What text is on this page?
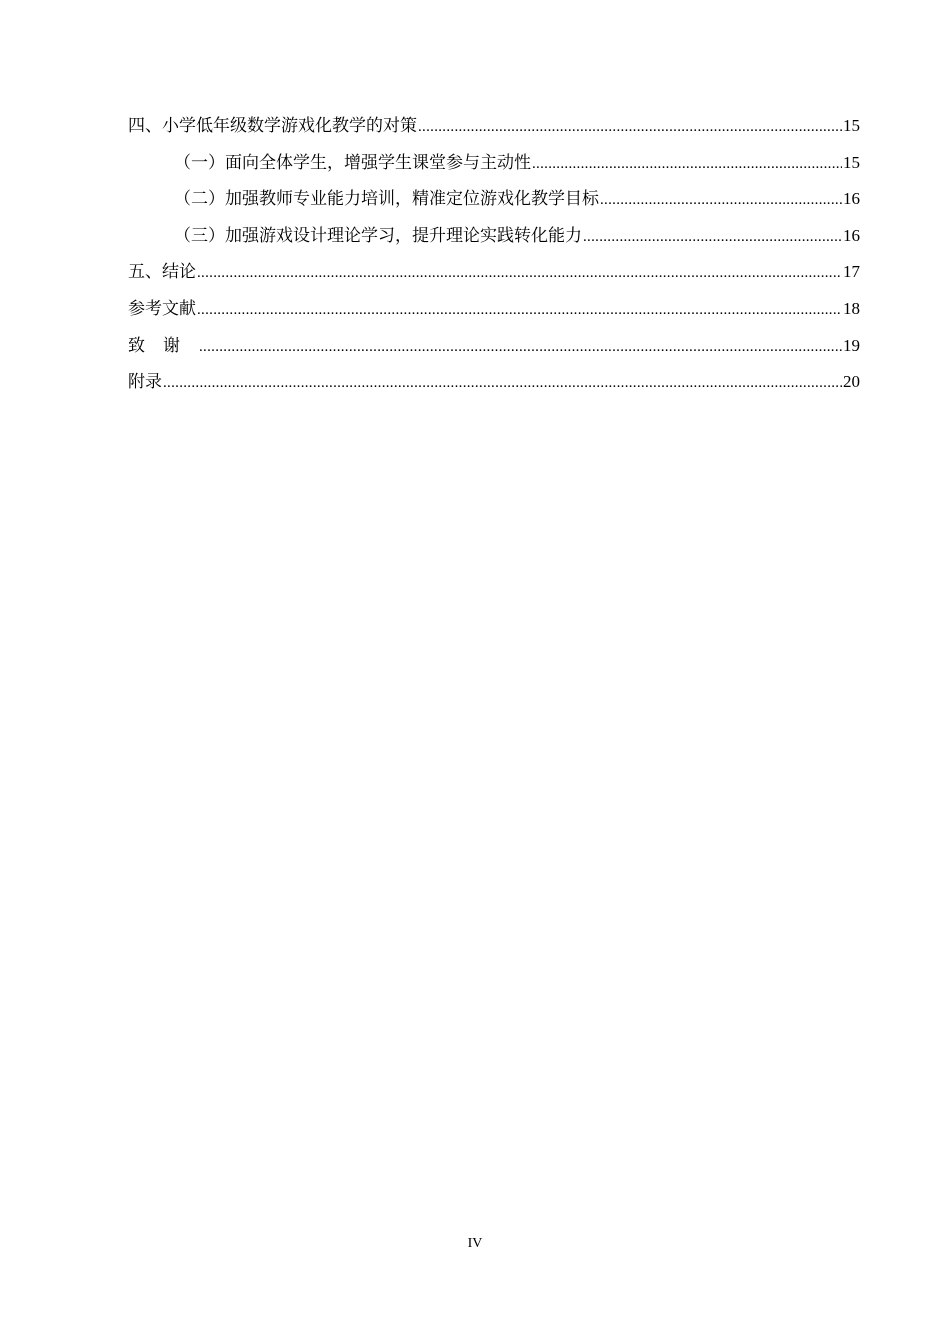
四、 小学低年级数学游戏化教学的对策 .....	15
（一） 面向全体学生，增强学生课堂参与主动性 .....	15
（二） 加强教师专业能力培训，精准定位游戏化教学目标 .....	16
（三） 加强游戏设计理论学习，提升理论实践转化能力 .....	16
五、 结论 .....	17
参考文献 .....	18
致谢 .....	19
附录 .....	20
IV
